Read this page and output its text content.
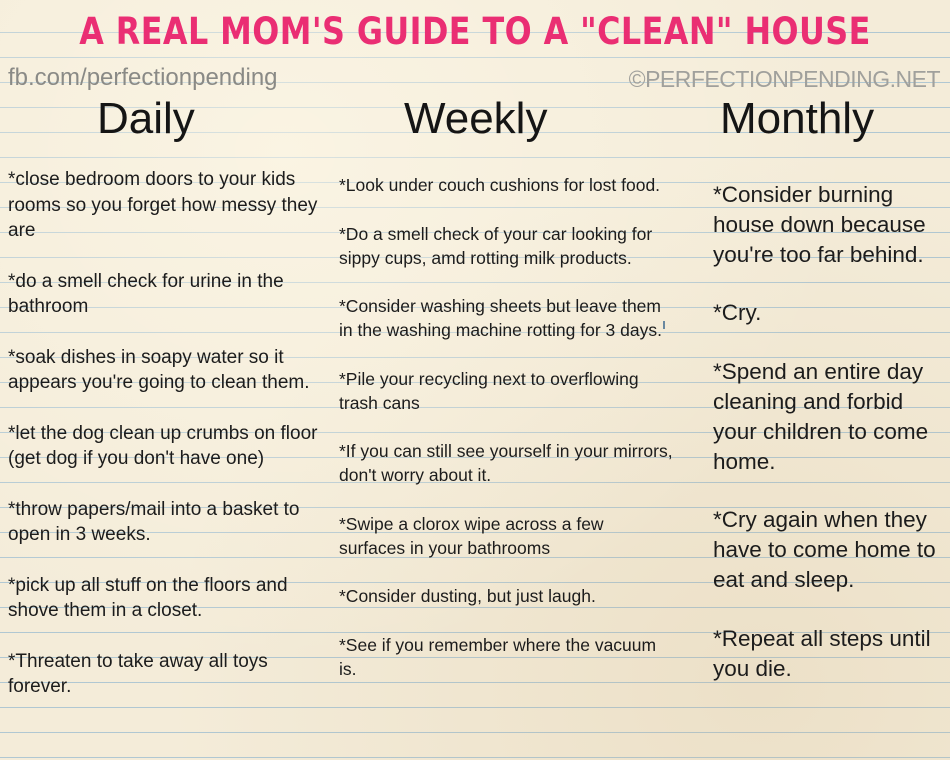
A REAL MOM'S GUIDE TO A "CLEAN" HOUSE
fb.com/perfectionpending	©PERFECTIONPENDING.NET
Daily	Weekly	Monthly
*close bedroom doors to your kids rooms so you forget how messy they are
*do a smell check for urine in the bathroom
*soak dishes in soapy water so it appears you're going to clean them.
*let the dog clean up crumbs on floor (get dog if you don't have one)
*throw papers/mail into a basket to open in 3 weeks.
*pick up all stuff on the floors and shove them in a closet.
*Threaten to take away all toys forever.
*Look under couch cushions for lost food.
*Do a smell check of your car looking for sippy cups, amd rotting milk products.
*Consider washing sheets but leave them in the washing machine rotting for 3 days.
*Pile your recycling next to overflowing trash cans
*If you can still see yourself in your mirrors, don't worry about it.
*Swipe a clorox wipe across a few surfaces in your bathrooms
*Consider dusting, but just laugh.
*See if you remember where the vacuum is.
*Consider burning house down because you're too far behind.
*Cry.
*Spend an entire day cleaning and forbid your children to come home.
*Cry again when they have to come home to eat and sleep.
*Repeat all steps until you die.
